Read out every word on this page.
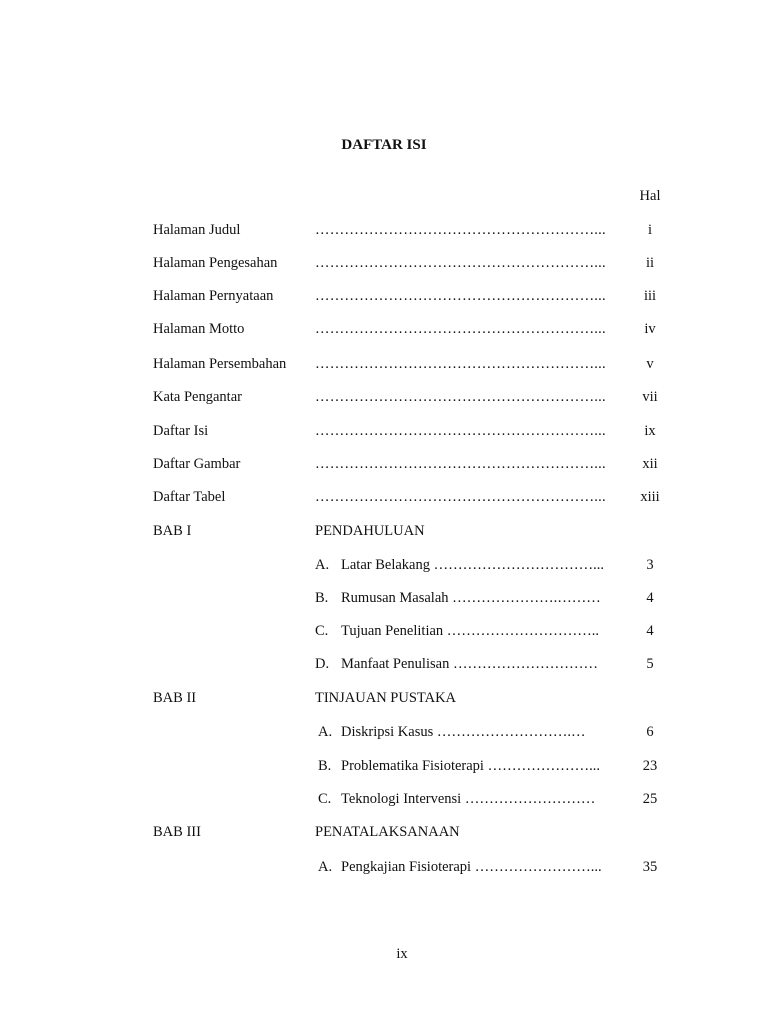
DAFTAR ISI
Hal
Halaman Judul	…………………………………………………...	i
Halaman Pengesahan	…………………………………………………...	ii
Halaman Pernyataan	…………………………………………………...	iii
Halaman Motto	…………………………………………………...	iv
Halaman Persembahan …………………………………………………...	v
Kata Pengantar	…………………………………………………...	vii
Daftar Isi	…………………………………………………...	ix
Daftar Gambar	…………………………………………………...	xii
Daftar Tabel	…………………………………………………...	xiii
BAB I	PENDAHULUAN
A. Latar Belakang ……………………………...	3
B. Rumusan Masalah ………………….………	4
C. Tujuan Penelitian …………………………..	4
D. Manfaat Penulisan …………………………	5
BAB II	TINJAUAN PUSTAKA
A. Diskripsi Kasus ……………………….…	6
B. Problematika Fisioterapi …………………...	23
C. Teknologi Intervensi ………………………	25
BAB III	PENATALAKSANAAN
A. Pengkajian Fisioterapi ……………………...	35
ix
